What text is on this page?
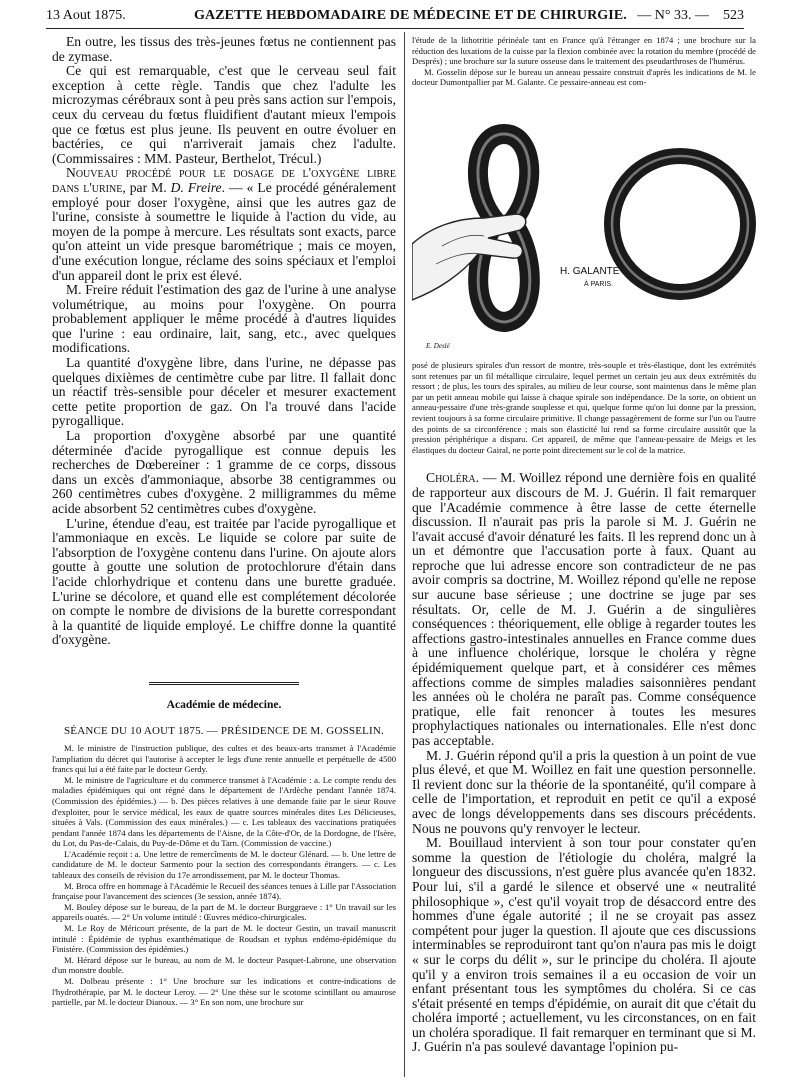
13 Aout 1875.	GAZETTE HEBDOMADAIRE DE MÉDECINE ET DE CHIRURGIE. — N° 33. — 523

En outre, les tissus des très-jeunes fœtus ne contiennent pas de zymase.

Ce qui est remarquable, c'est que le cerveau seul fait exception à cette règle. Tandis que chez l'adulte les microzymas cérébraux sont à peu près sans action sur l'empois, ceux du cerveau du fœtus fluidifient d'autant mieux l'empois que ce fœtus est plus jeune. Ils peuvent en outre évoluer en bactéries, ce qui n'arriverait jamais chez l'adulte. (Commissaires : MM. Pasteur, Berthelot, Trécul.)

Nouveau procédé pour le dosage de l'oxygène libre dans l'urine, par M. D. Freire. — « Le procédé généralement employé pour doser l'oxygène, ainsi que les autres gaz de l'urine, consiste à soumettre le liquide à l'action du vide, au moyen de la pompe à mercure. Les résultats sont exacts, parce qu'on atteint un vide presque barométrique ; mais ce moyen, d'une exécution longue, réclame des soins spéciaux et l'emploi d'un appareil dont le prix est élevé.

M. Freire réduit l'estimation des gaz de l'urine à une analyse volumétrique, au moins pour l'oxygène. On pourra probablement appliquer le même procédé à d'autres liquides que l'urine : eau ordinaire, lait, sang, etc., avec quelques modifications.

La quantité d'oxygène libre, dans l'urine, ne dépasse pas quelques dixièmes de centimètre cube par litre. Il fallait donc un réactif très-sensible pour déceler et mesurer exactement cette petite proportion de gaz. On l'a trouvé dans l'acide pyrogallique.

La proportion d'oxygène absorbé par une quantité déterminée d'acide pyrogallique est connue depuis les recherches de Dœbereiner : 1 gramme de ce corps, dissous dans un excès d'ammoniaque, absorbe 38 centigrammes ou 260 centimètres cubes d'oxygène. 2 milligrammes du même acide absorbent 52 centimètres cubes d'oxygène.

L'urine, étendue d'eau, est traitée par l'acide pyrogallique et l'ammoniaque en excès. Le liquide se colore par suite de l'absorption de l'oxygène contenu dans l'urine. On ajoute alors goutte à goutte une solution de protochlorure d'étain dans l'acide chlorhydrique et contenu dans une burette graduée. L'urine se décolore, et quand elle est complétement décolorée on compte le nombre de divisions de la burette correspondant à la quantité de liquide employé. Le chiffre donne la quantité d'oxygène.

Académie de médecine.

SÉANCE DU 10 AOUT 1875. — PRÉSIDENCE DE M. GOSSELIN.

M. le ministre de l'instruction publique, des cultes et des beaux-arts transmet à l'Académie l'ampliation du décret qui l'autorise à accepter le legs d'une rente annuelle et perpétuelle de 4500 francs qui lui a été faite par le docteur Gerdy.

M. le ministre de l'agriculture et du commerce transmet à l'Académie : a. Le compte rendu des maladies épidémiques qui ont régné dans le département de l'Ardèche pendant l'année 1874. (Commission des épidémies.) — b. Des pièces relatives à une demande faite par le sieur Rouve d'exploiter, pour le service médical, les eaux de quatre sources minérales dites Les Délicieuses, situées à Vals. (Commission des eaux minérales.) — c. Les tableaux des vaccinations pratiquées pendant l'année 1874 dans les départements de l'Aisne, de la Côte-d'Or, de la Dordogne, de l'Isère, du Lot, du Pas-de-Calais, du Puy-de-Dôme et du Tarn. (Commission de vaccine.)

L'Académie reçoit : a. Une lettre de remercîments de M. le docteur Glénard. — b. Une lettre de candidature de M. le docteur Sarmento pour la section des correspondants étrangers. — c. Les tableaux des conseils de révision du 17e arrondissement, par M. le docteur Thomas.

M. Broca offre en hommage à l'Académie le Recueil des séances tenues à Lille par l'Association française pour l'avancement des sciences (3e session, année 1874).

M. Bouley dépose sur le bureau, de la part de M. le docteur Burggraeve : 1° Un travail sur les appareils ouatés. — 2° Un volume intitulé : Œuvres médico-chirurgicales.

M. Le Roy de Méricourt présente, de la part de M. le docteur Gestin, un travail manuscrit intitulé : Épidémie de typhus exanthématique de Roudsan et typhus endémo-épidémique du Finistère. (Commission des épidémies.)

M. Hérard dépose sur le bureau, au nom de M. le docteur Pasquet-Labrone, une observation d'un monstre double.

M. Dolbeau présente : 1° Une brochure sur les indications et contre-indications de l'hydrothérapie, par M. le docteur Leroy. — 2° Une thèse sur le scotome scintillant ou amaurose partielle, par M. le docteur Dianoux. — 3° En son nom, une brochure sur

l'étude de la lithotritie périnéale tant en France qu'à l'étranger en 1874 ; une brochure sur la réduction des luxations de la cuisse par la flexion combinée avec la rotation du membre (procédé de Després) ; une brochure sur la suture osseuse dans le traitement des pseudarthroses de l'humérus.

M. Gosselin dépose sur le bureau un anneau pessaire construit d'après les indications de M. le docteur Dumontpallier par M. Galante. Ce pessaire-anneau est com-

H. GALANTE
À PARIS.
E. Deslé

posé de plusieurs spirales d'un ressort de montre, très-souple et très-élastique, dont les extrémités sont retenues par un fil métallique circulaire, lequel permet un certain jeu aux deux extrémités du ressort ; de plus, les tours des spirales, au milieu de leur course, sont maintenus dans le même plan par un petit anneau mobile qui laisse à chaque spirale son indépendance. De la sorte, on obtient un anneau-pessaire d'une très-grande souplesse et qui, quelque forme qu'on lui donne par la pression, revient toujours à sa forme circulaire primitive. Il change passagèrement de forme sur l'un ou l'autre des points de sa circonférence ; mais son élasticité lui rend sa forme circulaire aussitôt que la pression périphérique a disparu. Cet appareil, de même que l'anneau-pessaire de Meigs et les élastiques du docteur Gairal, ne porte point directement sur le col de la matrice.

Choléra. — M. Woillez répond une dernière fois en qualité de rapporteur aux discours de M. J. Guérin. Il fait remarquer que l'Académie commence à être lasse de cette éternelle discussion. Il n'aurait pas pris la parole si M. J. Guérin ne l'avait accusé d'avoir dénaturé les faits. Il les reprend donc un à un et démontre que l'accusation porte à faux. Quant au reproche que lui adresse encore son contradicteur de ne pas avoir compris sa doctrine, M. Woillez répond qu'elle ne repose sur aucune base sérieuse ; une doctrine se juge par ses résultats. Or, celle de M. J. Guérin a de singulières conséquences : théoriquement, elle oblige à regarder toutes les affections gastro-intestinales annuelles en France comme dues à une influence cholérique, lorsque le choléra y règne épidémiquement quelque part, et à considérer ces mêmes affections comme de simples maladies saisonnières pendant les années où le choléra ne paraît pas. Comme conséquence pratique, elle fait renoncer à toutes les mesures prophylactiques nationales ou internationales. Elle n'est donc pas acceptable.

M. J. Guérin répond qu'il a pris la question à un point de vue plus élevé, et que M. Woillez en fait une question personnelle. Il revient donc sur la théorie de la spontanéité, qu'il compare à celle de l'importation, et reproduit en petit ce qu'il a exposé avec de longs développements dans ses discours précédents. Nous ne pouvons qu'y renvoyer le lecteur.

M. Bouillaud intervient à son tour pour constater qu'en somme la question de l'étiologie du choléra, malgré la longueur des discussions, n'est guère plus avancée qu'en 1832. Pour lui, s'il a gardé le silence et observé une « neutralité philosophique », c'est qu'il voyait trop de désaccord entre des hommes d'une égale autorité ; il ne se croyait pas assez compétent pour juger la question. Il ajoute que ces discussions interminables se reproduiront tant qu'on n'aura pas mis le doigt « sur le corps du délit », sur le principe du choléra. Il ajoute qu'il y a environ trois semaines il a eu occasion de voir un enfant présentant tous les symptômes du choléra. Si ce cas s'était présenté en temps d'épidémie, on aurait dit que c'était du choléra importé ; actuellement, vu les circonstances, on en fait un choléra sporadique. Il fait remarquer en terminant que si M. J. Guérin n'a pas soulevé davantage l'opinion pu-
